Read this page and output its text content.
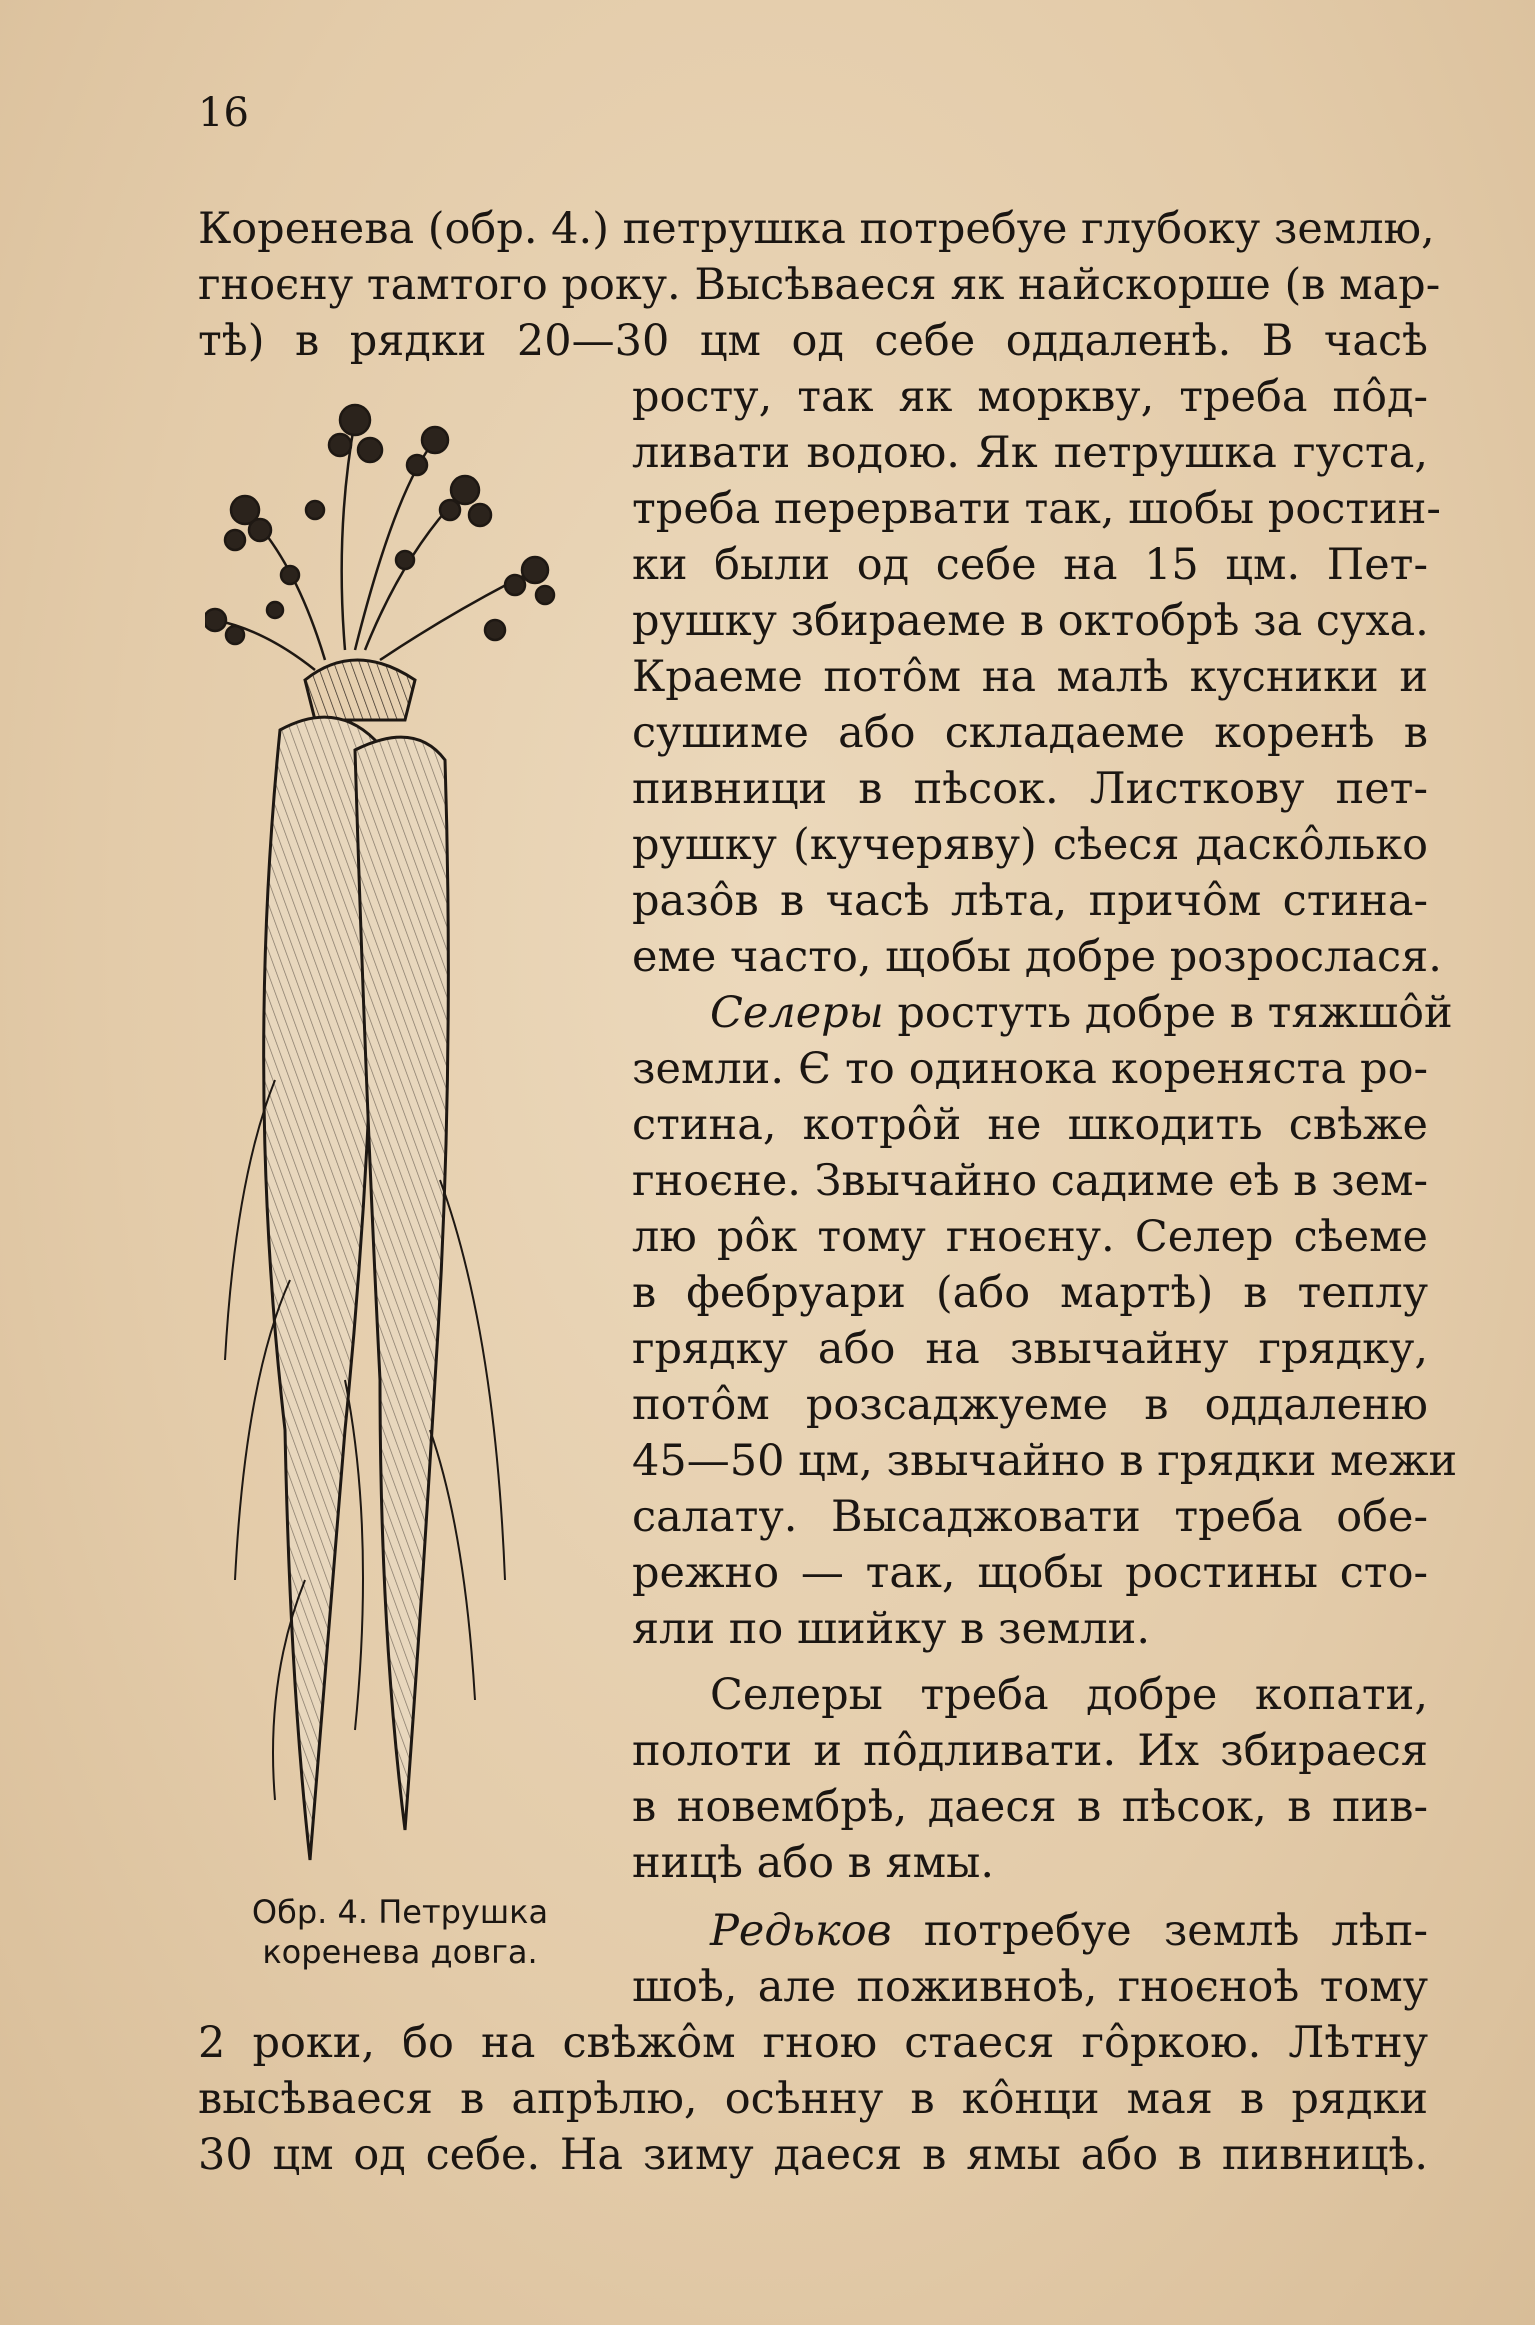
16
Коренева (обр. 4.) петрушка потребуе глубоку землю,
гноєну тамтого року. Высѣваеся як найскорше (в мар-
тѣ) в рядки 20—30 цм од себе оддаленѣ. В часѣ
росту, так як моркву, треба пôд-
ливати водою. Як петрушка густа,
треба перервати так, шобы ростин-
ки были од себе на 15 цм. Пет-
рушку збираеме в октобрѣ за суха.
Краеме потôм на малѣ кусники и
сушиме або складаеме коренѣ в
пивници в пѣсок. Листкову пет-
рушку (кучеряву) сѣеся даскôлько
разôв в часѣ лѣта, причôм стина-
еме часто, щобы добре розрослася.
Селеры ростуть добре в тяжшôй
земли. Є то одинока кореняста ро-
стина, котрôй не шкодить свѣже
гноєне. Звычайно садиме еѣ в зем-
лю рôк тому гноєну. Селер сѣеме
в фебруари (або мартѣ) в теплу
грядку або на звычайну грядку,
потôм розсаджуеме в оддаленю
45—50 цм, звычайно в грядки межи
салату. Высаджовати треба обе-
режно — так, щобы ростины сто-
яли по шийку в земли.
Селеры треба добре копати,
полоти и пôдливати. Их збираеся
в новембрѣ, даеся в пѣсок, в пив-
ницѣ або в ямы.
Редьков потребуе землѣ лѣп-
шоѣ, але поживноѣ, гноєноѣ тому
2 роки, бо на свѣжôм гною стаеся гôркою. Лѣтну
высѣваеся в апрѣлю, осѣнну в кôнци мая в рядки
30 цм од себе. На зиму даеся в ямы або в пивницѣ.
Обр. 4. Петрушка
коренева довга.
